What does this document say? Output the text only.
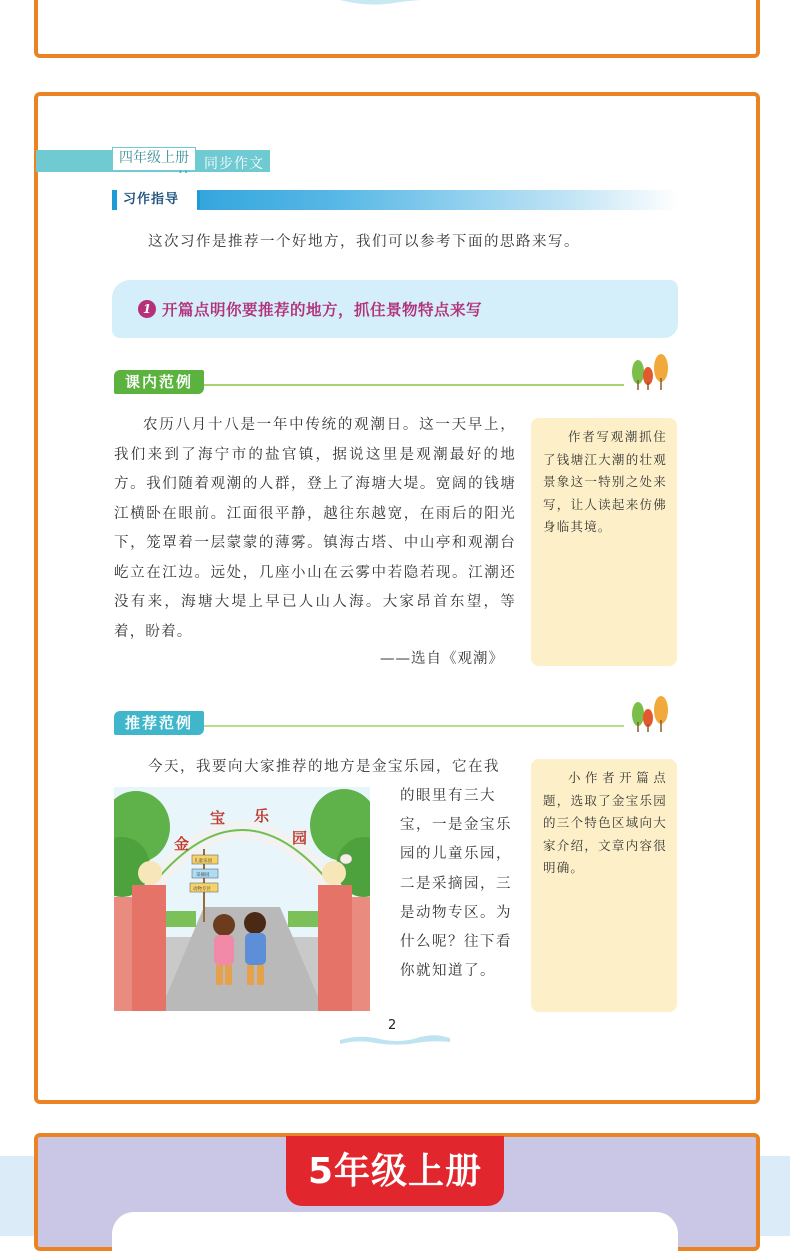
四年级上册
••
同步作文
习作指导
这次习作是推荐一个好地方，我们可以参考下面的思路来写。
1 开篇点明你要推荐的地方，抓住景物特点来写
课内范例

农历八月十八是一年中传统的观潮日。这一天早上，我们来到了海宁市的盐官镇，据说这里是观潮最好的地方。我们随着观潮的人群，登上了海塘大堤。宽阔的钱塘江横卧在眼前。江面很平静，越往东越宽，在雨后的阳光下，笼罩着一层蒙蒙的薄雾。镇海古塔、中山亭和观潮台屹立在江边。远处，几座小山在云雾中若隐若现。江潮还没有来，海塘大堤上早已人山人海。大家昂首东望，等着，盼着。

——选自《观潮》

作者写观潮抓住了钱塘江大潮的壮观景象这一特别之处来写，让人读起来仿佛身临其境。

推荐范例
今天，我要向大家推荐的地方是金宝乐园，它在我
的眼里有三大宝，一是金宝乐园的儿童乐园，二是采摘园，三是动物专区。为什么呢？往下看你就知道了。
金
宝 乐
园
儿童乐园
采摘园
动物专区

小作者开篇点题，选取了金宝乐园的三个特色区域向大家介绍，文章内容很明确。

2
5年级上册
